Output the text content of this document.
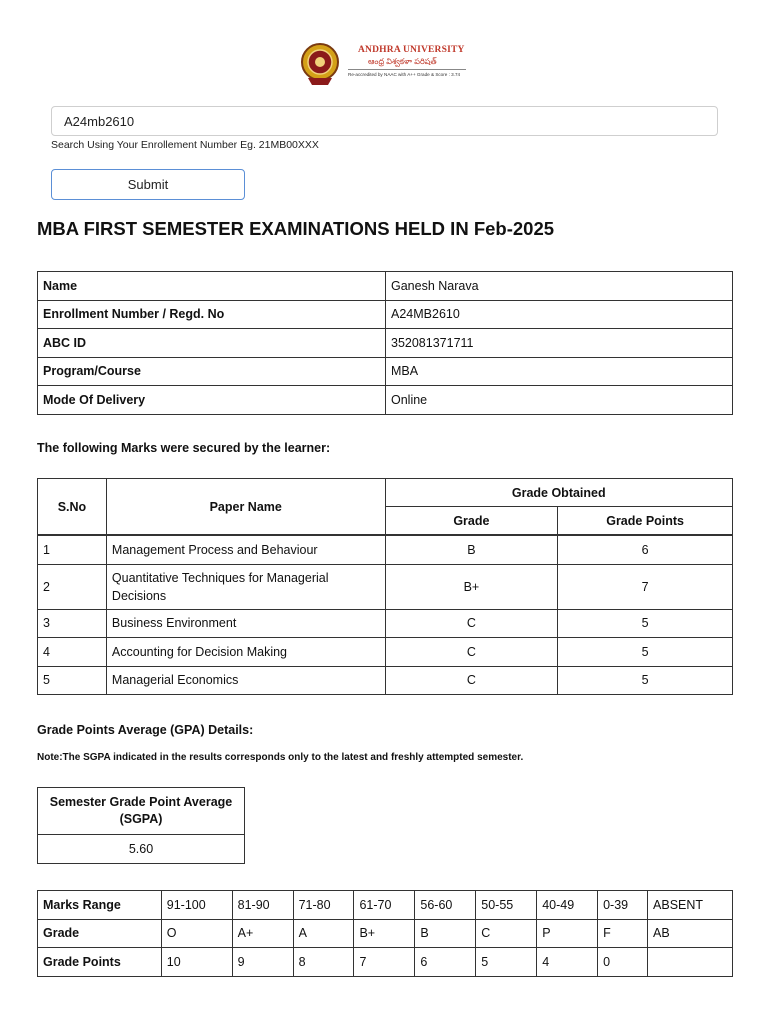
ANDHRA UNIVERSITY
ఆంధ్ర విశ్వకళా పరిషత్
Re-accredited by NAAC with A++ Grade & Score : 3.74
A24mb2610
Search Using Your Enrollement Number Eg. 21MB00XXX
Submit
MBA FIRST SEMESTER EXAMINATIONS HELD IN Feb-2025
Name	Ganesh Narava
Enrollment Number / Regd. No	A24MB2610
ABC ID	352081371711
Program/Course	MBA
Mode Of Delivery	Online
The following Marks were secured by the learner:
S.No	Paper Name	Grade Obtained	
		Grade	Grade Points
1	Management Process and Behaviour	B	6
2	Quantitative Techniques for Managerial Decisions	B+	7
3	Business Environment	C	5
4	Accounting for Decision Making	C	5
5	Managerial Economics	C	5
Grade Points Average (GPA) Details:
Note:The SGPA indicated in the results corresponds only to the latest and freshly attempted semester.
Semester Grade Point Average (SGPA)
5.60
Marks Range	91-100	81-90	71-80	61-70	56-60	50-55	40-49	0-39	ABSENT
Grade	O	A+	A	B+	B	C	P	F	AB
Grade Points	10	9	8	7	6	5	4	0	
